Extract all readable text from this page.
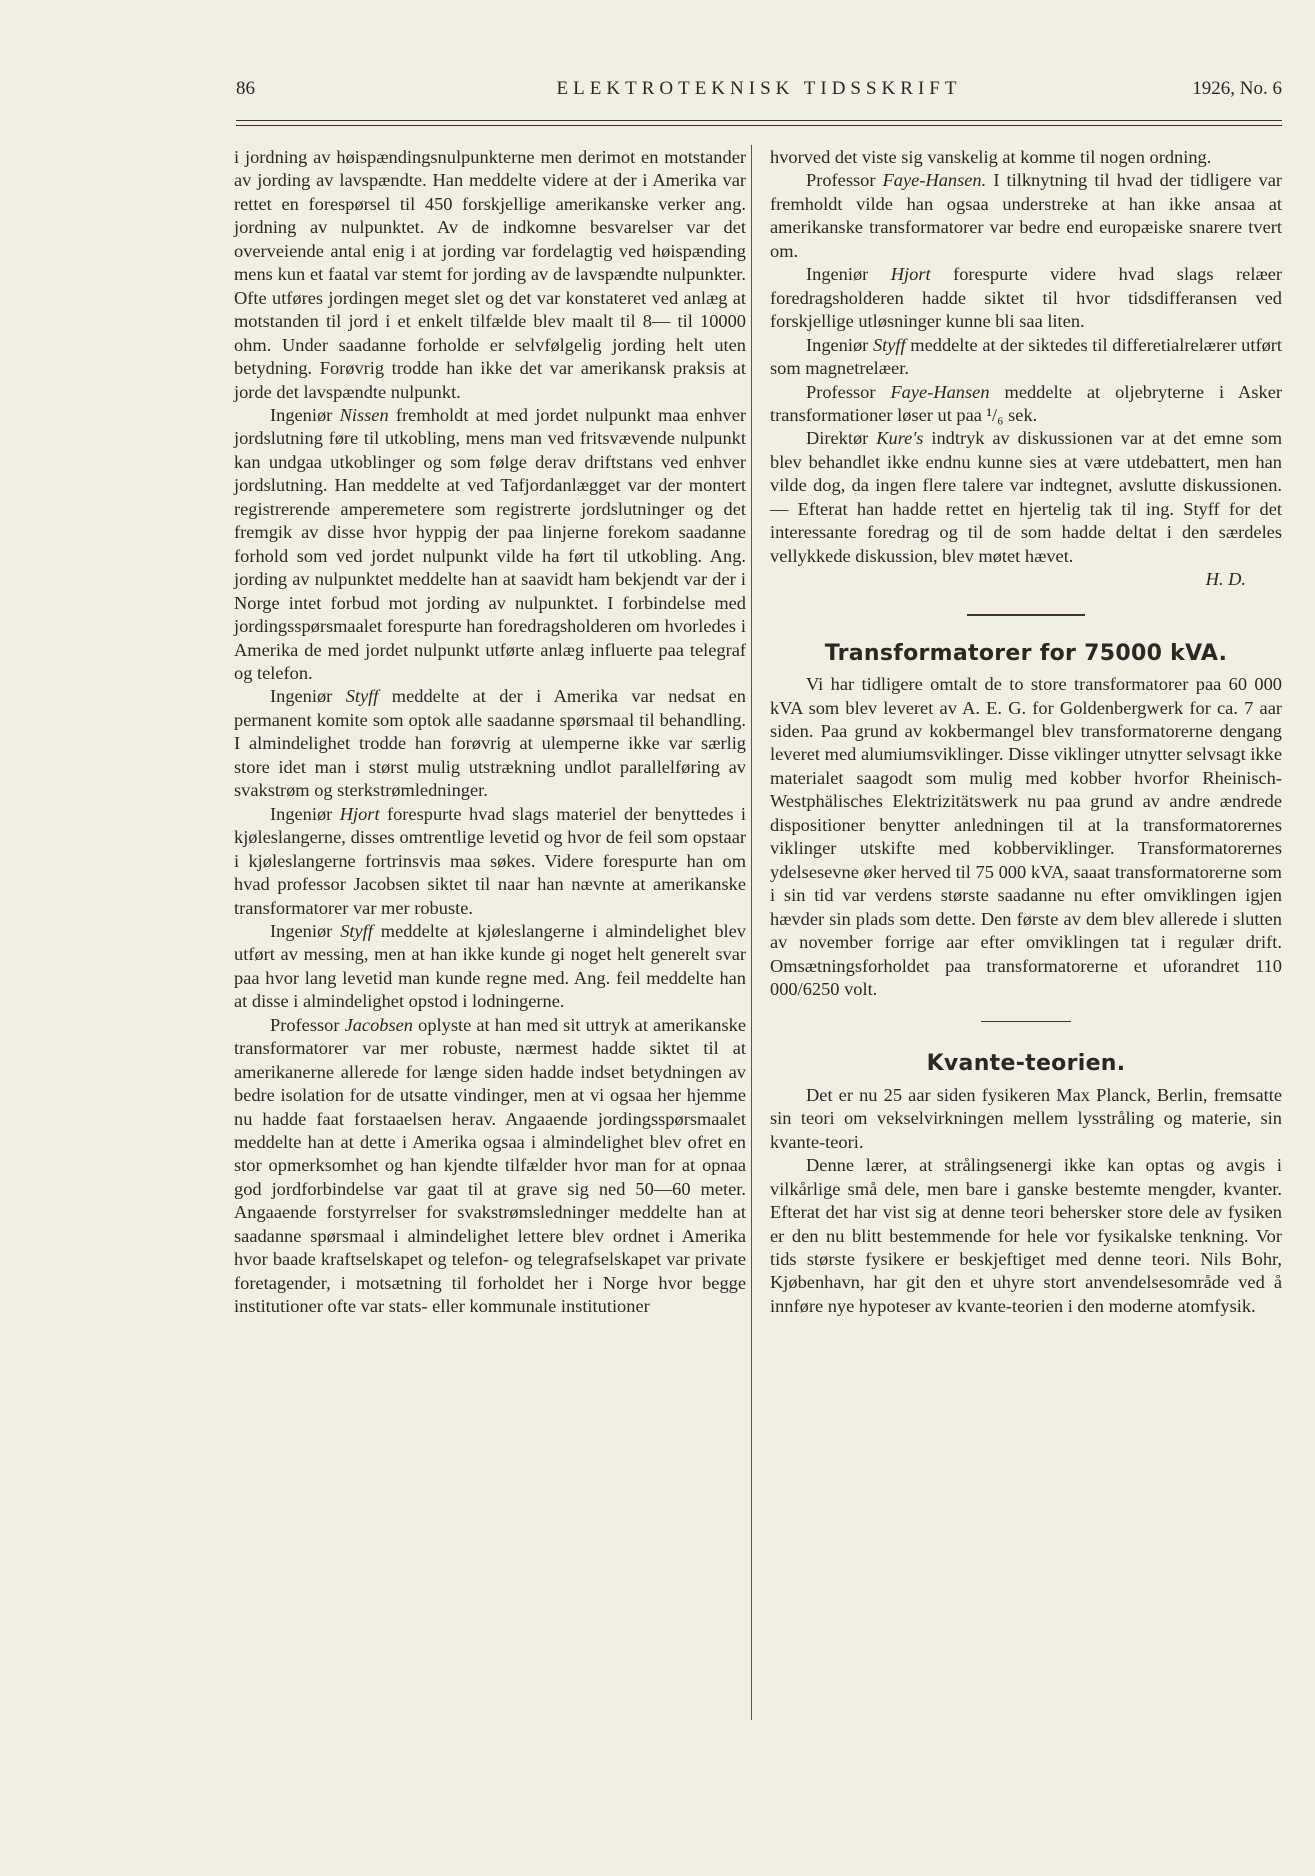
86	ELEKTROTEKNISK TIDSSKRIFT	1926, No. 6

i jordning av høispændingsnulpunkterne men derimot en motstander av jording av lavspændte. Han meddelte videre at der i Amerika var rettet en forespørsel til 450 forskjellige amerikanske verker ang. jordning av nulpunktet. Av de indkomne besvarelser var det overveiende antal enig i at jording var fordelagtig ved høispænding mens kun et faatal var stemt for jording av de lavspændte nulpunkter. Ofte utføres jordingen meget slet og det var konstateret ved anlæg at motstanden til jord i et enkelt tilfælde blev maalt til 8— til 10000 ohm. Under saadanne forholde er selvfølgelig jording helt uten betydning. Forøvrig trodde han ikke det var amerikansk praksis at jorde det lavspændte nulpunkt.

Ingeniør Nissen fremholdt at med jordet nulpunkt maa enhver jordslutning føre til utkobling, mens man ved fritsvævende nulpunkt kan undgaa utkoblinger og som følge derav driftstans ved enhver jordslutning. Han meddelte at ved Tafjordanlægget var der montert registrerende amperemetere som registrerte jordslutninger og det fremgik av disse hvor hyppig der paa linjerne forekom saadanne forhold som ved jordet nulpunkt vilde ha ført til utkobling. Ang. jording av nulpunktet meddelte han at saavidt ham bekjendt var der i Norge intet forbud mot jording av nulpunktet. I forbindelse med jordingsspørsmaalet forespurte han foredragsholderen om hvorledes i Amerika de med jordet nulpunkt utførte anlæg influerte paa telegraf og telefon.

Ingeniør Styff meddelte at der i Amerika var nedsat en permanent komite som optok alle saadanne spørsmaal til behandling. I almindelighet trodde han forøvrig at ulemperne ikke var særlig store idet man i størst mulig utstrækning undlot parallelføring av svakstrøm og sterkstrømledninger.

Ingeniør Hjort forespurte hvad slags materiel der benyttedes i kjøleslangerne, disses omtrentlige levetid og hvor de feil som opstaar i kjøleslangerne fortrinsvis maa søkes. Videre forespurte han om hvad professor Jacobsen siktet til naar han nævnte at amerikanske transformatorer var mer robuste.

Ingeniør Styff meddelte at kjøleslangerne i almindelighet blev utført av messing, men at han ikke kunde gi noget helt generelt svar paa hvor lang levetid man kunde regne med. Ang. feil meddelte han at disse i almindelighet opstod i lodningerne.

Professor Jacobsen oplyste at han med sit uttryk at amerikanske transformatorer var mer robuste, nærmest hadde siktet til at amerikanerne allerede for længe siden hadde indset betydningen av bedre isolation for de utsatte vindinger, men at vi ogsaa her hjemme nu hadde faat forstaaelsen herav. Angaaende jordingsspørsmaalet meddelte han at dette i Amerika ogsaa i almindelighet blev ofret en stor opmerksomhet og han kjendte tilfælder hvor man for at opnaa god jordforbindelse var gaat til at grave sig ned 50—60 meter. Angaaende forstyrrelser for svakstrømsledninger meddelte han at saadanne spørsmaal i almindelighet lettere blev ordnet i Amerika hvor baade kraftselskapet og telefon- og telegrafselskapet var private foretagender, i motsætning til forholdet her i Norge hvor begge institutioner ofte var stats- eller kommunale institutioner

hvorved det viste sig vanskelig at komme til nogen ordning.

Professor Faye-Hansen. I tilknytning til hvad der tidligere var fremholdt vilde han ogsaa understreke at han ikke ansaa at amerikanske transformatorer var bedre end europæiske snarere tvert om.

Ingeniør Hjort forespurte videre hvad slags relæer foredragsholderen hadde siktet til hvor tidsdifferansen ved forskjellige utløsninger kunne bli saa liten.

Ingeniør Styff meddelte at der siktedes til differetialrelærer utført som magnetrelæer.

Professor Faye-Hansen meddelte at oljebryterne i Asker transformationer løser ut paa ¹/₆ sek.

Direktør Kure's indtryk av diskussionen var at det emne som blev behandlet ikke endnu kunne sies at være utdebattert, men han vilde dog, da ingen flere talere var indtegnet, avslutte diskussionen. — Efterat han hadde rettet en hjertelig tak til ing. Styff for det interessante foredrag og til de som hadde deltat i den særdeles vellykkede diskussion, blev møtet hævet.

H. D.

Transformatorer for 75000 kVA.

Vi har tidligere omtalt de to store transformatorer paa 60 000 kVA som blev leveret av A. E. G. for Goldenbergwerk for ca. 7 aar siden. Paa grund av kokbermangel blev transformatorerne dengang leveret med alumiumsviklinger. Disse viklinger utnytter selvsagt ikke materialet saagodt som mulig med kobber hvorfor Rheinisch-Westphälisches Elektrizitätswerk nu paa grund av andre ændrede dispositioner benytter anledningen til at la transformatorernes viklinger utskifte med kobberviklinger. Transformatorernes ydelsesevne øker herved til 75 000 kVA, saaat transformatorerne som i sin tid var verdens største saadanne nu efter omviklingen igjen hævder sin plads som dette. Den første av dem blev allerede i slutten av november forrige aar efter omviklingen tat i regulær drift. Omsætningsforholdet paa transformatorerne et uforandret 110 000/6250 volt.

Kvante-teorien.

Det er nu 25 aar siden fysikeren Max Planck, Berlin, fremsatte sin teori om vekselvirkningen mellem lysstråling og materie, sin kvante-teori.

Denne lærer, at strålingsenergi ikke kan optas og avgis i vilkårlige små dele, men bare i ganske bestemte mengder, kvanter. Efterat det har vist sig at denne teori behersker store dele av fysiken er den nu blitt bestemmende for hele vor fysikalske tenkning. Vor tids største fysikere er beskjeftiget med denne teori. Nils Bohr, Kjøbenhavn, har git den et uhyre stort anvendelsesområde ved å innføre nye hypoteser av kvante-teorien i den moderne atomfysik.
